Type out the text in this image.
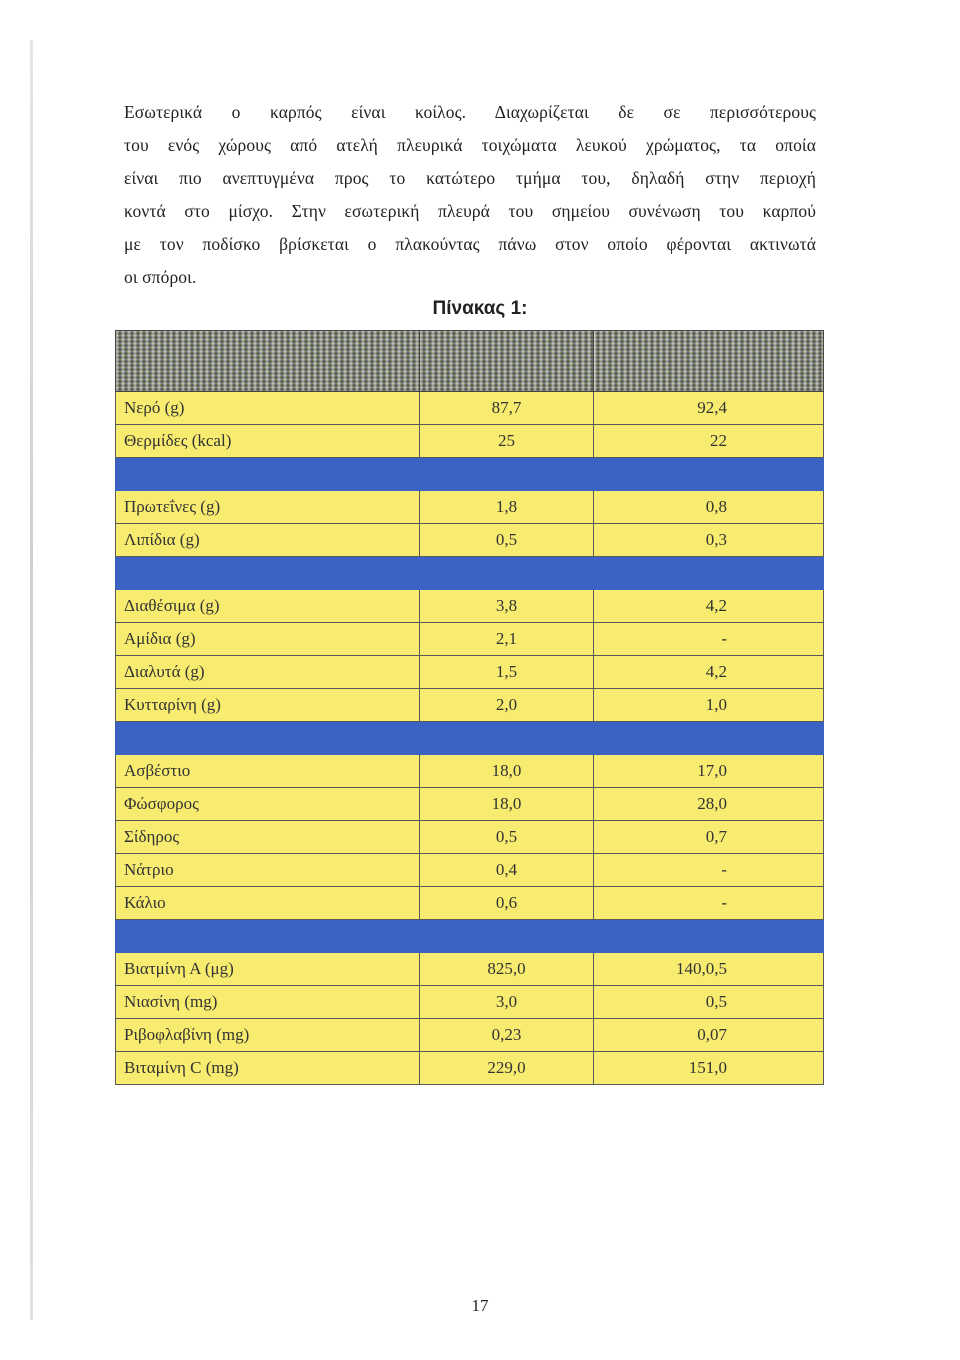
Εσωτερικά ο καρπός είναι κοίλος. Διαχωρίζεται δε σε περισσότερους
του ενός χώρους από ατελή πλευρικά τοιχώματα λευκού χρώματος, τα οποία
είναι πιο ανεπτυγμένα προς το κατώτερο τμήμα του, δηλαδή στην περιοχή
κοντά στο μίσχο. Στην εσωτερική πλευρά του σημείου συνένωση του καρπού
με τον ποδίσκο βρίσκεται ο πλακούντας πάνω στον οποίο φέρονται ακτινωτά
οι σπόροι.
Πίνακας 1:

Νερό (g)	87,7	92,4
Θερμίδες (kcal)	25	22

Πρωτεΐνες (g)	1,8	0,8
Λιπίδια (g)	0,5	0,3

Διαθέσιμα (g)	3,8	4,2
Αμίδια (g)	2,1	-
Διαλυτά (g)	1,5	4,2
Κυτταρίνη (g)	2,0	1,0

Ασβέστιο	18,0	17,0
Φώσφορος	18,0	28,0
Σίδηρος	0,5	0,7
Νάτριο	0,4	-
Κάλιο	0,6	-

Βιατμίνη Α (μg)	825,0	140,0,5
Νιασίνη (mg)	3,0	0,5
Ριβοφλαβίνη (mg)	0,23	0,07
Βιταμίνη C (mg)	229,0	151,0
17
